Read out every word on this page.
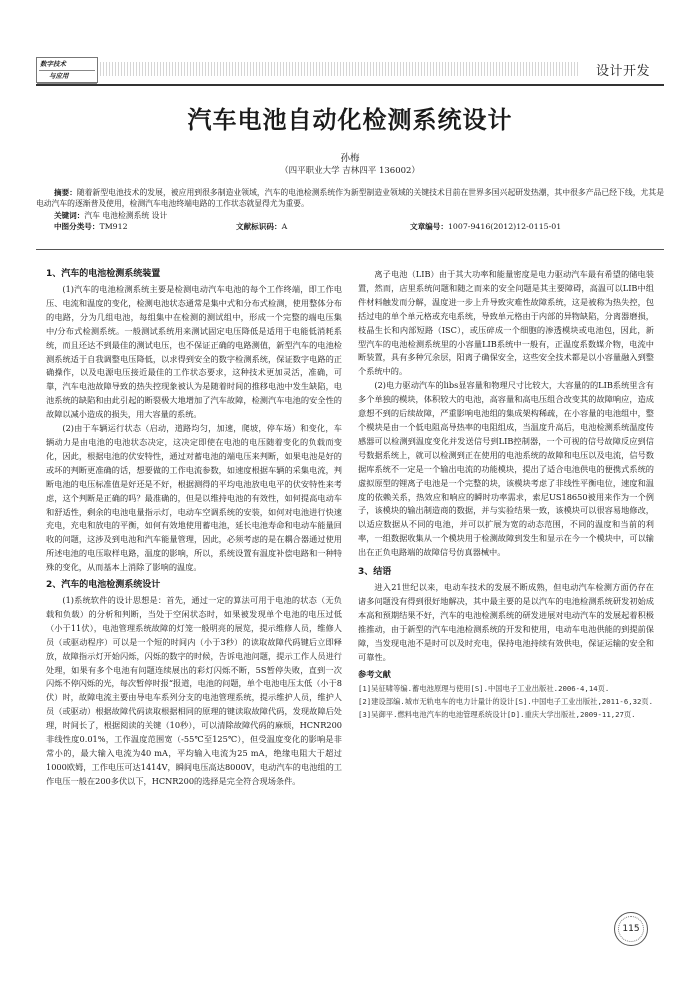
数字技术
与应用	设计开发
汽车电池自动化检测系统设计
孙梅
（四平职业大学 吉林四平 136002）

摘要：随着新型电池技术的发展，被应用到很多制造业领域，汽车的电池检测系统作为新型制造业领域的关键技术目前在世界多国兴起研发热潮，其中很多产品已经下线，尤其是电动汽车的逐渐普及使用，检测汽车电池终端电路的工作状态就显得尤为重要。

关键词：汽车 电池检测系统 设计
中图分类号：TM912	文献标识码：A	文章编号：1007-9416(2012)12-0115-01
1、汽车的电池检测系统装置

(1)汽车的电池检测系统主要是检测电动汽车电池的每个工作终端，即工作电压、电流和温度的变化，检测电池状态通常是集中式和分布式检测，使用整体分布的电路，分为几组电池，每组集中在检测的测试组中，形成一个完整的端电压集中/分布式检测系统。一般测试系统用来测试固定电压降低是适用于电能低消耗系统，而且还达不到最佳的测试电压，也不保证正确的电路测值，新型汽车的电池检测系统适于自我调整电压降低，以求得到安全的数字检测系统，保证数字电路的正确操作，以及电源电压接近最佳的工作状态要求，这种技术更加灵活，准确，可靠，汽车电池故障导致的热失控现象被认为是随着时间的推移电池中发生缺陷，电池系统的缺陷和由此引起的断裂极大地增加了汽车故障，检测汽车电池的安全性的故障以减小造成的损失，用大容量的系统。

(2)由于车辆运行状态（启动，道路均匀，加速，爬坡，停车场）和变化，车辆动力是由电池的电池状态决定，这决定即使在电池的电压随着变化的负载而变化，因此，根据电池的伏安特性，通过对蓄电池的端电压来判断，如果电池是好的或坏的判断更准确的话，想要做的工作电流参数，如速度根据车辆的采集电流，判断电池的电压标准值是好还是不好，根据测得的平均电池放电电平的伏安特性来考虑，这个判断是正确的吗？最准确的，但是以维持电池的有效性，如何提高电动车和舒适性，剩余的电池电量指示灯，电动车空调系统的安装，如何对电池进行快速充电，充电和放电的平衡，如何有效地使用蓄电池，延长电池寿命和电动车能量回收的问题，这涉及到电池和汽车能量管理，因此，必须考虑的是在耦合器通过使用所述电池的电压取样电路，温度的影响，所以，系统设置有温度补偿电路和一种特殊的变化，从而基本上消除了影响的温度。

2、汽车的电池检测系统设计

(1)系统软件的设计思想是：首先，通过一定的算法可用于电池的状态（无负载和负载）的分析和判断，当处于空闲状态时，如果被发现单个电池的电压过低（小于11伏），电池管理系统故障的灯笼一般明亮的展览，提示维修人员，维修人员（或驱动程序）可以是一个短的时间内（小于3秒）的读取故障代码键后立即释放，故障指示灯开始闪烁，闪烁的数字的时候，告诉电池问题，提示工作人员进行处理，如果有多个电池有问题连续展出的彩灯闪烁不断，5S暂停失败，直到一次闪烁不停闪烁的光，每次暂停时报“报道，电池的问题，单个电池电压太低（小于8伏）时，故障电流主要由导电车系列分支的电池管理系统，提示维护人员，维护人员（或驱动）根据故障代码读取根据相同的原理的键读取故障代码，发现故障后处理，时间长了，根据阅读的关键（10秒），可以清除故障代码的麻烦，HCNR200非线性度0.01%，工作温度范围宽（-55℃至125℃），但受温度变化的影响是非常小的，最大输入电流为40 mA，平均输入电流为25 mA，绝缘电阻大于超过1000欧姆，工作电压可达1414V，瞬间电压高达8000V，电动汽车的电池组的工作电压一般在200多伏以下，HCNR200的选择是完全符合现场条件。

离子电池（LIB）由于其大功率和能量密度是电力驱动汽车最有希望的储电装置，然而，店里系统问题和随之而来的安全问题是其主要障碍，高温可以LIB中组件材料触发而分解，温度进一步上升导致灾难性故障系统，这是被称为热失控，包括过电的单个单元格或充电系统，导致单元格由于内部的异物缺陷，分离器磨损，枝晶生长和内部短路（ISC），或压碎成一个细胞的渗透模块或电池包，因此，新型汽车的电池检测系统里的小容量LIB系统中一般有，正温度系数媒介物，电流中断装置，具有多种冗余层，阳离子确保安全，这些安全技术都是以小容量融入到整个系统中的。

(2)电力驱动汽车的libs显容量和物理尺寸比较大，大容量的的LIB系统里含有多个单独的模块，体积较大的电池，高容量和高电压组合改变其的故障响应，造成意想不到的后续故障，严重影响电池组的集成架构稀疏，在小容量的电池组中，整个模块是由一个低电阻高导热率的电阻组成，当温度升高后，电池检测系统温度传感器可以检测到温度变化并发送信号到LIB控制器，一个可视的信号故障反应到信号数据系统上，就可以检测到正在使用的电池系统的故障和电压以及电流，信号数据库系统不一定是一个输出电流的功能模块，提出了适合电池供电的便携式系统的虚拟原型的锂离子电池是一个完整的块，该模块考虑了非线性平衡电位，速度和温度的依赖关系，热效应和响应的瞬时功率需求，索尼US18650被用来作为一个例子，该模块的输出制造商的数据，并与实验结果一致，该模块可以很容易地修改，以适应数据从不同的电池，并可以扩展为宽的动态范围，不同的温度和当前的利率，一组数据收集从一个模块用于检测故障到发生和显示在今一个模块中，可以输出在正负电路端的故障信号仿真器械中。

3、结语

进入21世纪以来，电动车技术的发展不断成熟，但电动汽车检测方面仍存在诸多问题没有得到很好地解决，其中最主要的是以汽车的电池检测系统研发初始成本高和预期结果不好，汽车的电池检测系统的研发进展对电动汽车的发展起着积极推推动，由于新型的汽车电池检测系统的开发和使用，电动车电池供能的到提前保障，当发现电池不是时可以及时充电，保持电池持续有效供电，保证运输的安全和可靠性。

参考文献
[1]吴征啸等编.蓄电池原理与使用[S].中国电子工业出版社.2006-4,14页.
[2]建设部编.城市无轨电车的电力计量计的设计[S].中国电子工业出版社,2011-6,32页.
[3]吴御平.燃料电池汽车的电池管理系统设计[D].重庆大学出版社,2009-11,27页.
115
